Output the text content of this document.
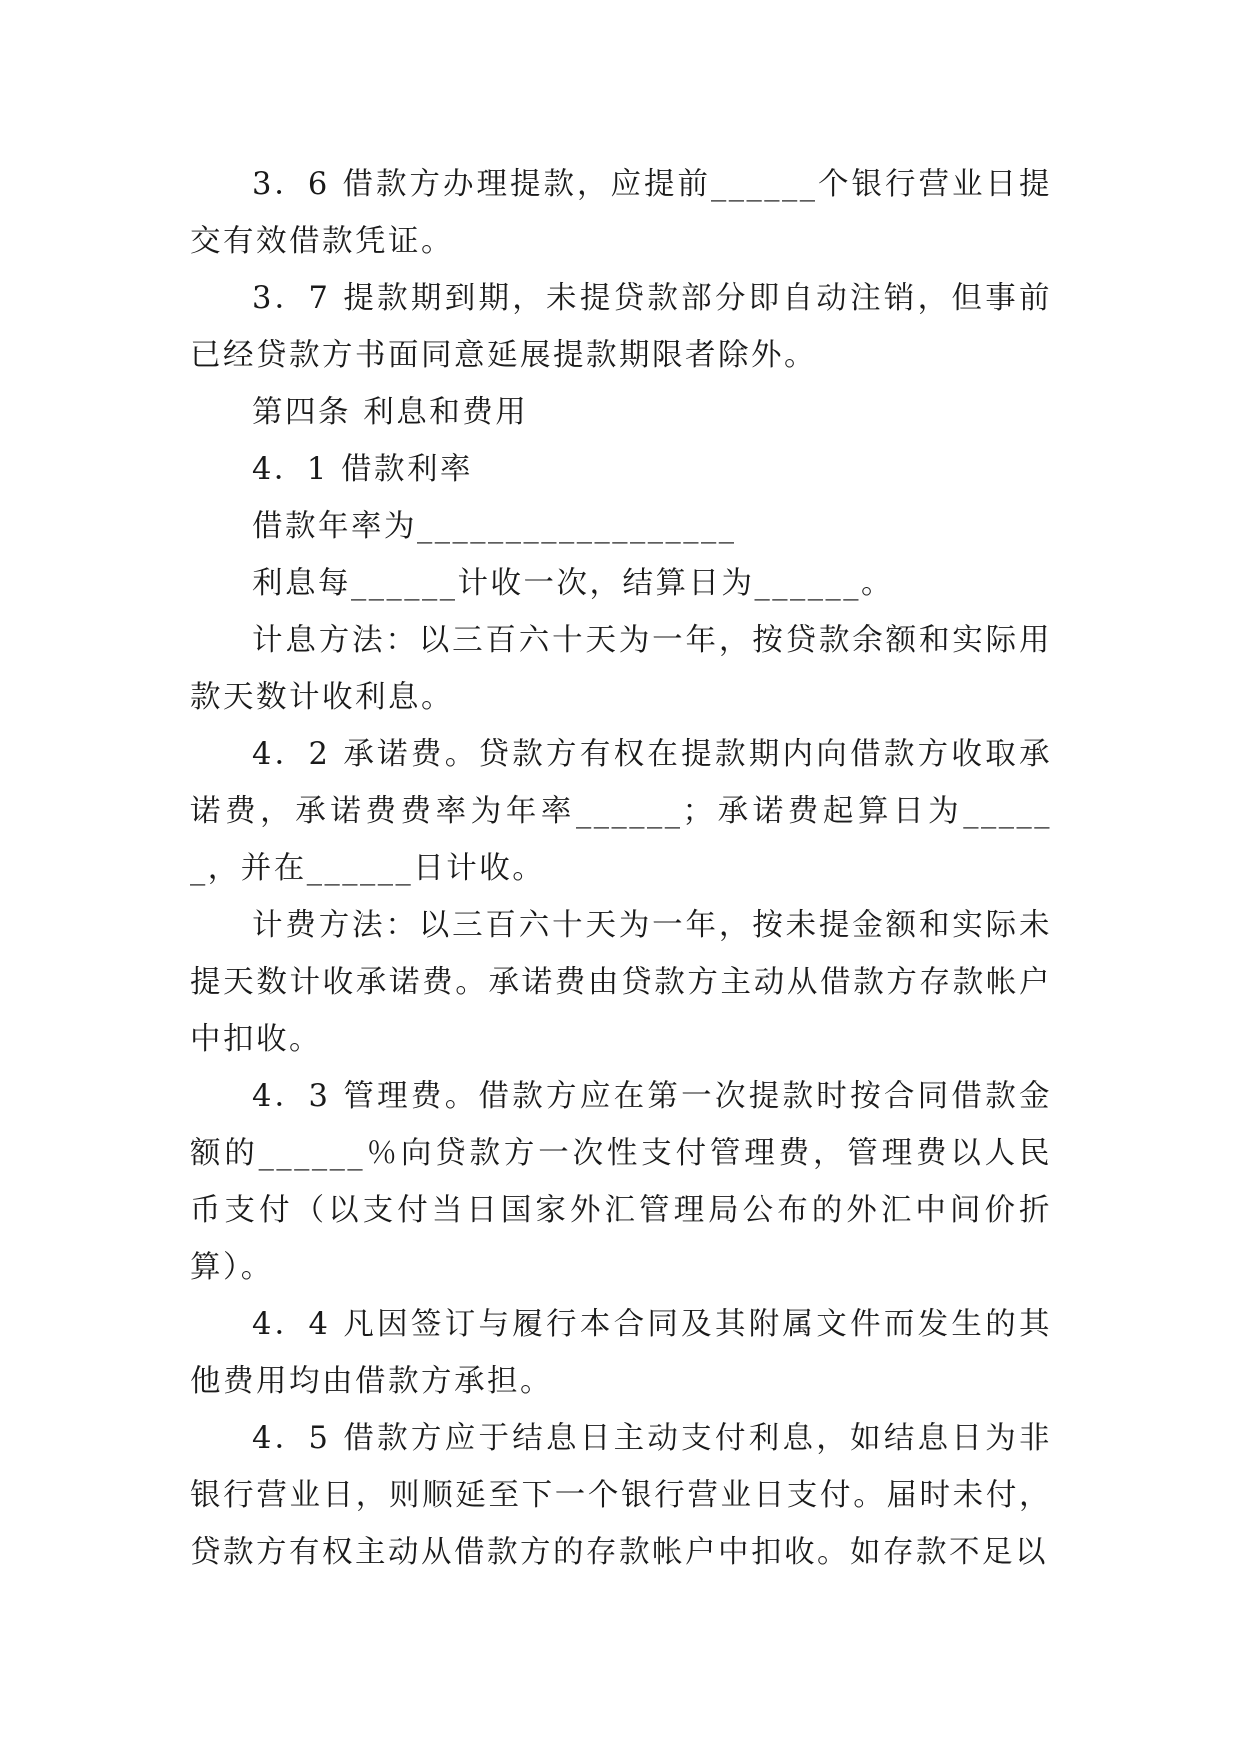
3．6 借款方办理提款，应提前______个银行营业日提交有效借款凭证。

3．7 提款期到期，未提贷款部分即自动注销，但事前已经贷款方书面同意延展提款期限者除外。

第四条 利息和费用

4．1 借款利率

借款年率为__________________

利息每______计收一次，结算日为______。

计息方法：以三百六十天为一年，按贷款余额和实际用款天数计收利息。

4．2 承诺费。贷款方有权在提款期内向借款方收取承诺费，承诺费费率为年率______；承诺费起算日为______，并在______日计收。

计费方法：以三百六十天为一年，按未提金额和实际未提天数计收承诺费。承诺费由贷款方主动从借款方存款帐户中扣收。

4．3 管理费。借款方应在第一次提款时按合同借款金额的______％向贷款方一次性支付管理费，管理费以人民币支付（以支付当日国家外汇管理局公布的外汇中间价折算）。

4．4 凡因签订与履行本合同及其附属文件而发生的其他费用均由借款方承担。

4．5 借款方应于结息日主动支付利息，如结息日为非银行营业日，则顺延至下一个银行营业日支付。届时未付，贷款方有权主动从借款方的存款帐户中扣收。如存款不足以
